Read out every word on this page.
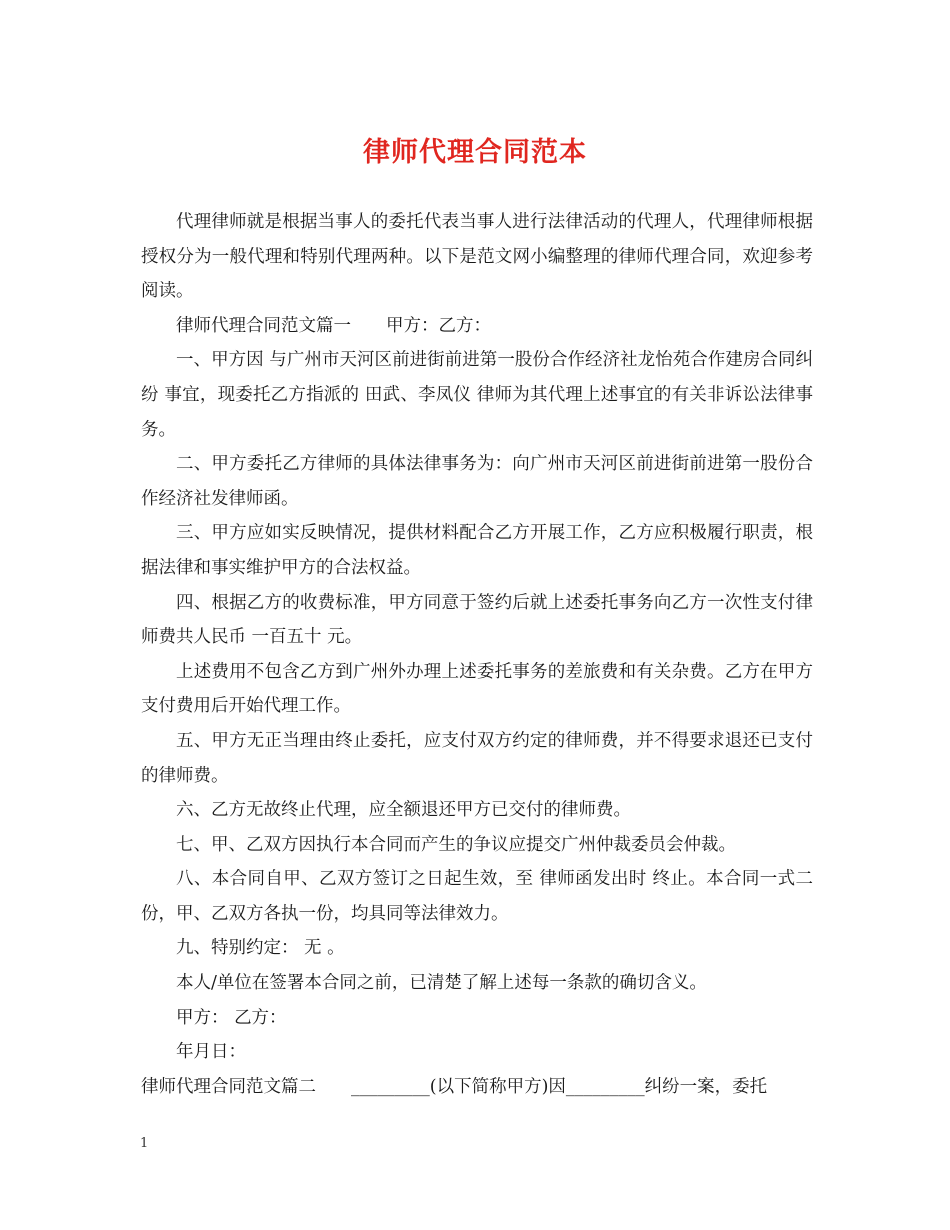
律师代理合同范本

代理律师就是根据当事人的委托代表当事人进行法律活动的代理人，代理律师根据授权分为一般代理和特别代理两种。以下是范文网小编整理的律师代理合同，欢迎参考阅读。

律师代理合同范文篇一　　甲方：乙方：

一、甲方因 与广州市天河区前进街前进第一股份合作经济社龙怡苑合作建房合同纠纷 事宜，现委托乙方指派的 田武、李凤仪 律师为其代理上述事宜的有关非诉讼法律事务。

二、甲方委托乙方律师的具体法律事务为：向广州市天河区前进街前进第一股份合作经济社发律师函。

三、甲方应如实反映情况，提供材料配合乙方开展工作，乙方应积极履行职责，根据法律和事实维护甲方的合法权益。

四、根据乙方的收费标准，甲方同意于签约后就上述委托事务向乙方一次性支付律师费共人民币 一百五十 元。

上述费用不包含乙方到广州外办理上述委托事务的差旅费和有关杂费。乙方在甲方支付费用后开始代理工作。

五、甲方无正当理由终止委托，应支付双方约定的律师费，并不得要求退还已支付的律师费。

六、乙方无故终止代理，应全额退还甲方已交付的律师费。

七、甲、乙双方因执行本合同而产生的争议应提交广州仲裁委员会仲裁。

八、本合同自甲、乙双方签订之日起生效，至 律师函发出时 终止。本合同一式二份，甲、乙双方各执一份，均具同等法律效力。

九、特别约定： 无 。

本人/单位在签署本合同之前，已清楚了解上述每一条款的确切含义。

甲方： 乙方：

年月日：

律师代理合同范文篇二　　_________(以下简称甲方)因_________纠纷一案，委托

1
